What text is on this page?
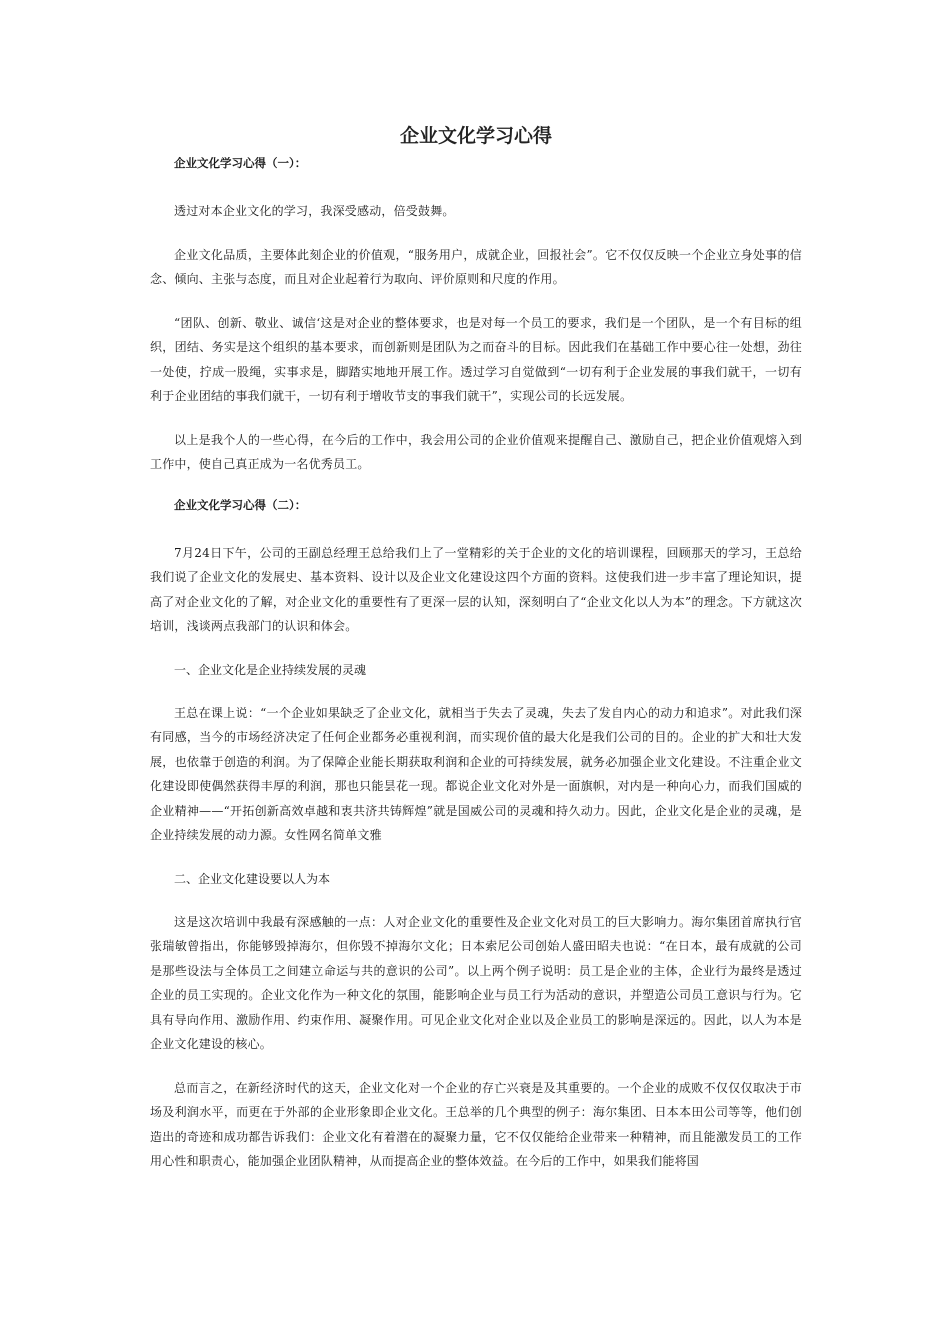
企业文化学习心得
企业文化学习心得（一）：

透过对本企业文化的学习，我深受感动，倍受鼓舞。

企业文化品质，主要体此刻企业的价值观，“服务用户，成就企业，回报社会”。它不仅仅反映一个企业立身处事的信念、倾向、主张与态度，而且对企业起着行为取向、评价原则和尺度的作用。

“团队、创新、敬业、诚信‘这是对企业的整体要求，也是对每一个员工的要求，我们是一个团队，是一个有目标的组织，团结、务实是这个组织的基本要求，而创新则是团队为之而奋斗的目标。因此我们在基础工作中要心往一处想，劲往一处使，拧成一股绳，实事求是，脚踏实地地开展工作。透过学习自觉做到“一切有利于企业发展的事我们就干，一切有利于企业团结的事我们就干，一切有利于增收节支的事我们就干”，实现公司的长远发展。

以上是我个人的一些心得，在今后的工作中，我会用公司的企业价值观来提醒自己、激励自己，把企业价值观熔入到工作中，使自己真正成为一名优秀员工。

企业文化学习心得（二）：

7月24日下午，公司的王副总经理王总给我们上了一堂精彩的关于企业的文化的培训课程，回顾那天的学习，王总给我们说了企业文化的发展史、基本资料、设计以及企业文化建设这四个方面的资料。这使我们进一步丰富了理论知识，提高了对企业文化的了解，对企业文化的重要性有了更深一层的认知，深刻明白了“企业文化以人为本”的理念。下方就这次培训，浅谈两点我部门的认识和体会。

一、企业文化是企业持续发展的灵魂

王总在课上说：“一个企业如果缺乏了企业文化，就相当于失去了灵魂，失去了发自内心的动力和追求”。对此我们深有同感，当今的市场经济决定了任何企业都务必重视利润，而实现价值的最大化是我们公司的目的。企业的扩大和壮大发展，也依靠于创造的利润。为了保障企业能长期获取利润和企业的可持续发展，就务必加强企业文化建设。不注重企业文化建设即使偶然获得丰厚的利润，那也只能昙花一现。都说企业文化对外是一面旗帜，对内是一种向心力，而我们国威的企业精神——“开拓创新高效卓越和衷共济共铸辉煌”就是国威公司的灵魂和持久动力。因此，企业文化是企业的灵魂，是企业持续发展的动力源。女性网名简单文雅

二、企业文化建设要以人为本

这是这次培训中我最有深感触的一点：人对企业文化的重要性及企业文化对员工的巨大影响力。海尔集团首席执行官张瑞敏曾指出，你能够毁掉海尔，但你毁不掉海尔文化；日本索尼公司创始人盛田昭夫也说：“在日本，最有成就的公司是那些设法与全体员工之间建立命运与共的意识的公司”。以上两个例子说明：员工是企业的主体，企业行为最终是透过企业的员工实现的。企业文化作为一种文化的氛围，能影响企业与员工行为活动的意识，并塑造公司员工意识与行为。它具有导向作用、激励作用、约束作用、凝聚作用。可见企业文化对企业以及企业员工的影响是深远的。因此，以人为本是企业文化建设的核心。

总而言之，在新经济时代的这天，企业文化对一个企业的存亡兴衰是及其重要的。一个企业的成败不仅仅仅取决于市场及利润水平，而更在于外部的企业形象即企业文化。王总举的几个典型的例子：海尔集团、日本本田公司等等，他们创造出的奇迹和成功都告诉我们：企业文化有着潜在的凝聚力量，它不仅仅能给企业带来一种精神，而且能激发员工的工作用心性和职责心，能加强企业团队精神，从而提高企业的整体效益。在今后的工作中，如果我们能将国
